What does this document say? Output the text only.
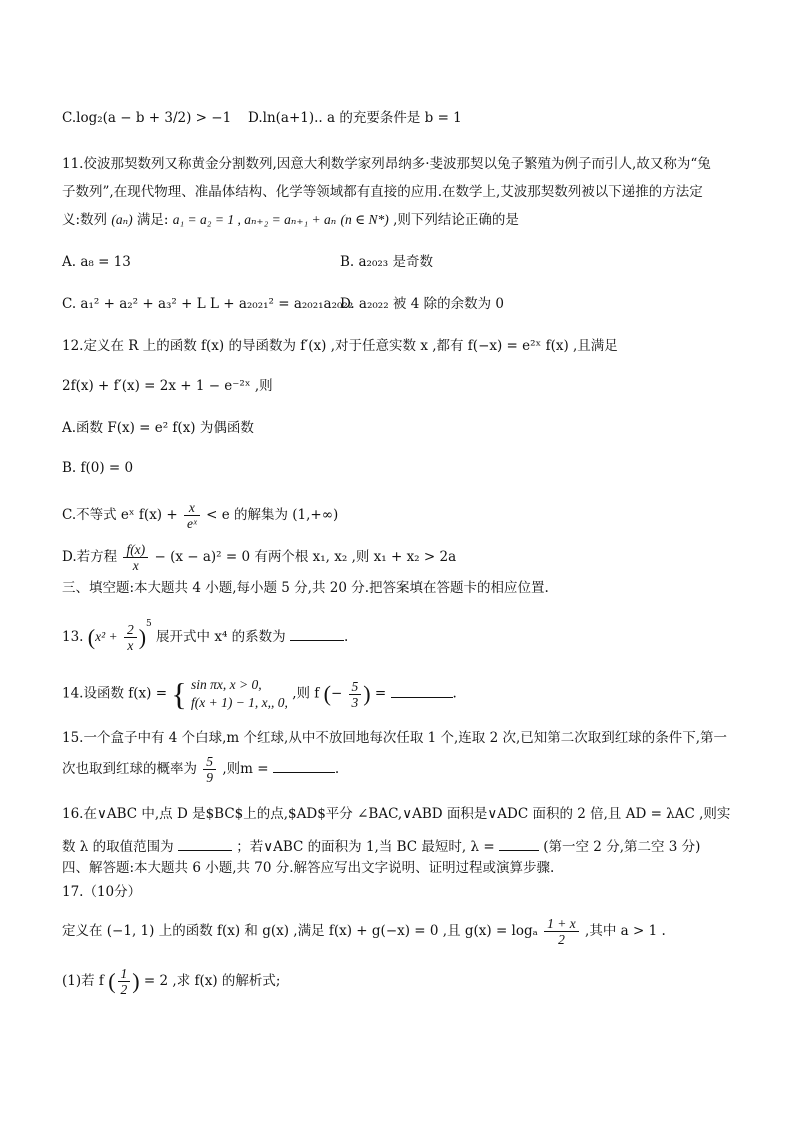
C.log₂(a − b + 3/2) > −1 D.ln(a+1).. a 的充要条件是 b = 1
11.佼波那契数列又称黄金分割数列,因意大利数学家列昂纳多·斐波那契以兔子繁殖为例子而引人,故又称为“兔
子数列”,在现代物理、准晶体结构、化学等领域都有直接的应用.在数学上,艾波那契数列被以下递推的方法定
义:数列 (aₙ) 满足: a₁ = a₂ = 1 , aₙ₊₂ = aₙ₊₁ + aₙ (n ∈ N*) ,则下列结论正确的是
A. a₈ = 13	B. a₂₀₂₃ 是奇数
C. a₁² + a₂² + a₃² + L L + a₂₀₂₁² = a₂₀₂₁a₂₀₂₂
D. a₂₀₂₂ 被 4 除的余数为 0
12.定义在 R 上的函数 f(x) 的导函数为 f′(x) ,对于任意实数 x ,都有 f(−x) = e²ˣ f(x) ,且满足
2f(x) + f′(x) = 2x + 1 − e⁻²ˣ ,则
A.函数 F(x) = e² f(x) 为偶函数
B. f(0) = 0
C.不等式 eˣ $f(x) + \frac{x}{\text{eˣ}} < e$ 的解集为 (1,+∞)
D.若方程 $\frac{f(x)}{x} - (x - a)^2 = 0$ 有两个根 x₁, x₂ ,则 x₁ + x₂ > 2a
三、填空题:本大题共 4 小题,每小题 5 分,共 20 分.把答案填在答题卡的相应位置.
13. $(x^2 + \frac{2}{x} )^5$ 展开式中 x⁴ 的系数为	.
14.设函数 f(x) = { sin πx, x > 0,
f(x + 1) − 1, x,, 0,
,则 f (− $\frac{5}{3}$ ) =	.
15.一个盒子中有 4 个白球,m 个红球,从中不放回地每次任取 1 个,连取 2 次,已知第二次取到红球的条件下,第一
次也取到红球的概率为 $\frac{5}{9}$ ,则m =	.
16.在∨ABC 中,点 D 是$BC$上的点,$AD$平分 ∠BAC,∨ABD 面积是∨ADC 面积的 2 倍,且 AD = λAC ,则实
数 λ 的取值范围为	；若∨ABC 的面积为 1,当 BC 最短时, λ =	(第一空 2 分,第二空 3 分)
四、解答题:本大题共 6 小题,共 70 分.解答应写出文字说明、证明过程或演算步骤.
17.（10分）
定义在 (−1, 1) 上的函数 f(x) 和 g(x) ,满足 f(x) + g(−x) = 0 ,且 g(x) = logₐ $\frac{1 + x}{2}$ ,其中 a > 1 .
(1)若 f ( $\frac{1}{2}$ ) = 2 ,求 f(x) 的解析式;
